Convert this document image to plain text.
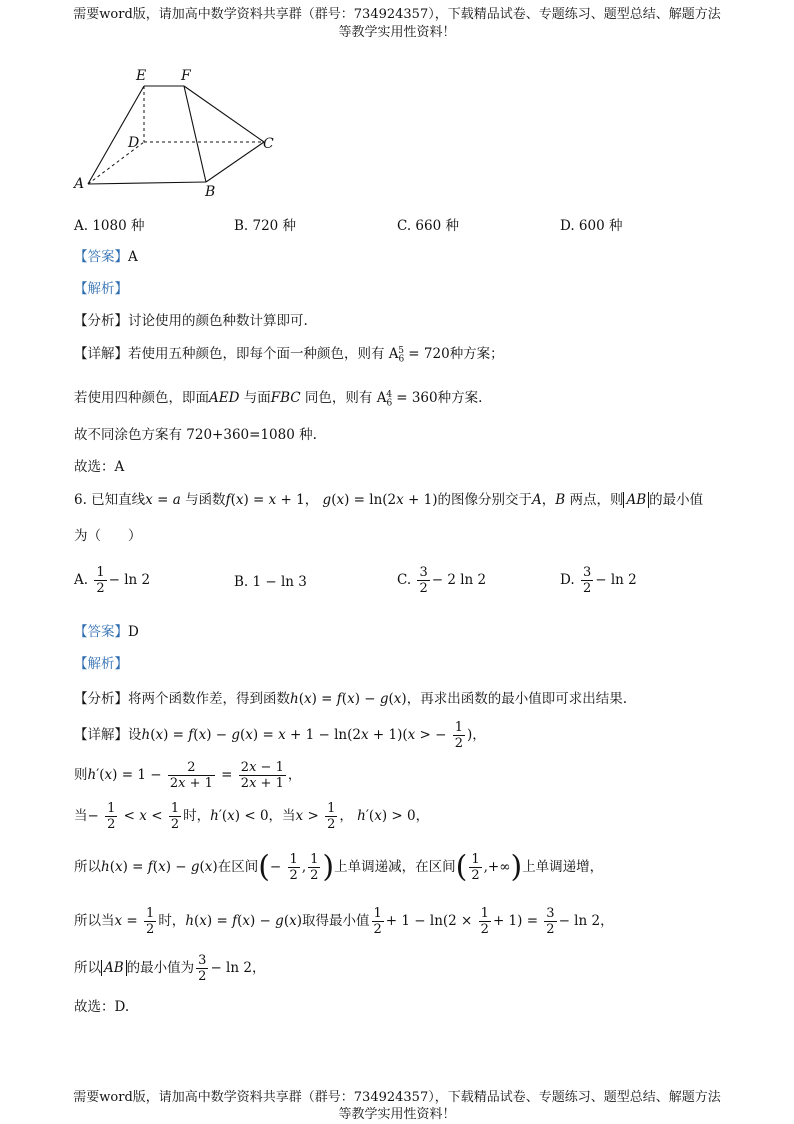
需要word版，请加高中数学资料共享群（群号：734924357），下载精品试卷、专题练习、题型总结、解题方法
等教学实用性资料！
E F
D	C
A	B
A. 1080 种	B. 720 种	C. 660 种	D. 600 种
【答案】A
【解析】
【分析】讨论使用的颜色种数计算即可.
【详解】若使用五种颜色，即每个面一种颜色，则有 $A_6^5 = 720$种方案；
若使用四种颜色，即面AED 与面FBC 同色，则有 $A_6^4 = 360$种方案.
故不同涂色方案有 720+360=1080 种.
故选：A
6. 已知直线x = a 与函数f(x) = x + 1， g(x) = ln(2x + 1)的图像分别交于A，B 两点，则 AB 的最小值
为（　　）
A. $\frac{1}{2} - \ln 2$	B. 1 − ln 3	C. $\frac{3}{2} - 2$ ln 2	D. $\frac{3}{2} - \ln 2$
【答案】D
【解析】
【分析】将两个函数作差，得到函数h(x) = f(x) − g(x)，再求出函数的最小值即可求出结果.
【详解】设h(x) = f(x) − g(x) = x + 1 − ln(2x + 1)(x > − $\frac{1}{2}$ )，
则$h'(x) = 1 - \frac{2}{2x + 1} = \frac{2x - 1}{2x + 1}$ ，
当− $\frac{1}{2} < x < \frac{1}{2}$ 时，h′(x) < 0，当$x > \frac{1}{2}$ ， h′(x) > 0，
所以h(x) = f(x) − g(x)在区间(− $\frac{1}{2}$ , $\frac{1}{2}$ )上单调递减，在区间( $\frac{1}{2}$ ,+∞)上单调递增，
所以当$x = \frac{1}{2}$ 时，h(x) = f(x) − g(x)取得最小值 $\frac{1}{2} + 1 - \ln(2 \times \frac{1}{2} + 1) = \frac{3}{2} - \ln 2$，
所以 AB 的最小值为 $\frac{3}{2} - \ln 2$，
故选：D.
需要word版，请加高中数学资料共享群（群号：734924357），下载精品试卷、专题练习、题型总结、解题方法
等教学实用性资料！
